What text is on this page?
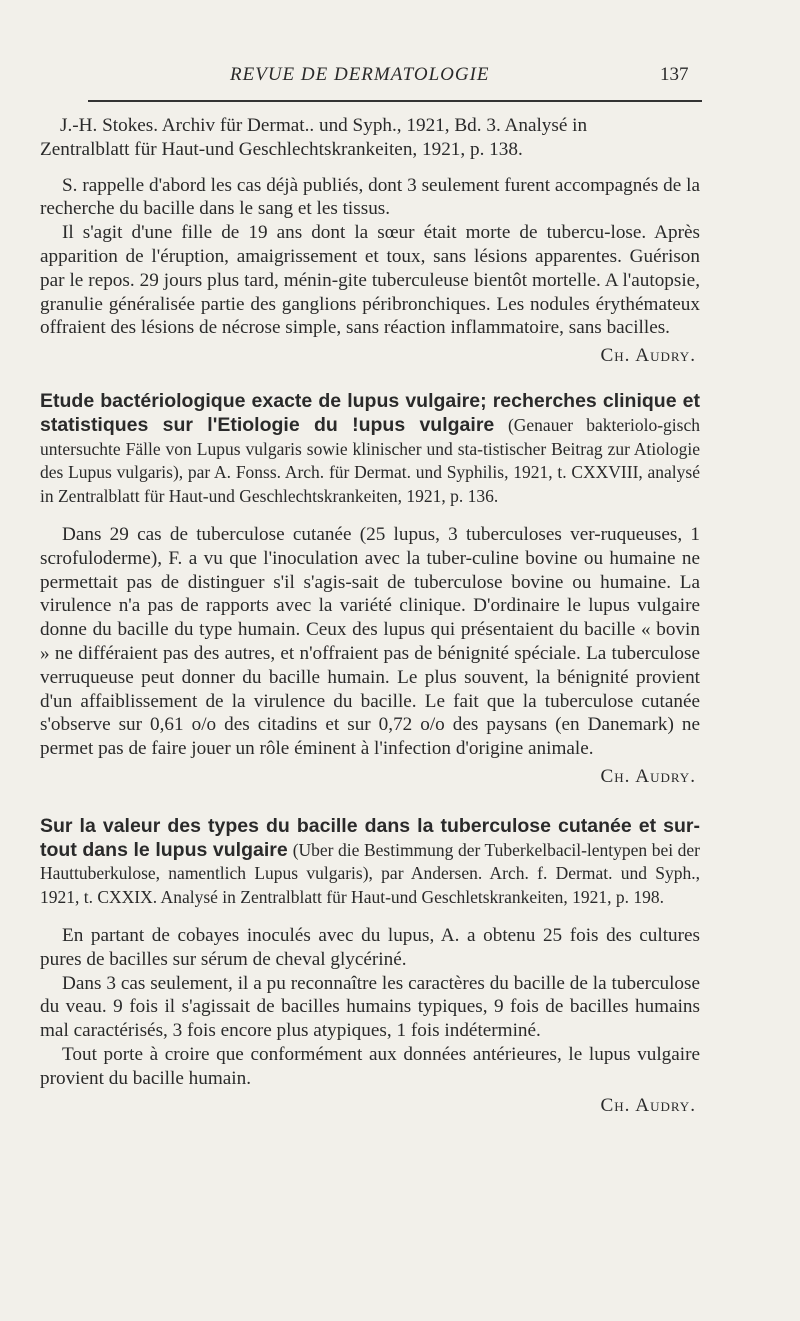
REVUE DE DERMATOLOGIE	137

J.-H. Stokes. Archiv für Dermat.. und Syph., 1921, Bd. 3. Analysé in

Zentralblatt für Haut-und Geschlechtskrankeiten, 1921, p. 138.

S. rappelle d'abord les cas déjà publiés, dont 3 seulement furent accompagnés de la recherche du bacille dans le sang et les tissus.

Il s'agit d'une fille de 19 ans dont la sœur était morte de tubercu-lose. Après apparition de l'éruption, amaigrissement et toux, sans lésions apparentes. Guérison par le repos. 29 jours plus tard, ménin-gite tuberculeuse bientôt mortelle. A l'autopsie, granulie généralisée partie des ganglions péribronchiques. Les nodules érythémateux offraient des lésions de nécrose simple, sans réaction inflammatoire, sans bacilles.

Ch. Audry.

Etude bactériologique exacte de lupus vulgaire; recherches clinique et statistiques sur l'Etiologie du !upus vulgaire (Genauer bakteriolo-gisch untersuchte Fälle von Lupus vulgaris sowie klinischer und sta-tistischer Beitrag zur Atiologie des Lupus vulgaris), par A. Fonss. Arch. für Dermat. und Syphilis, 1921, t. CXXVIII, analysé in Zentralblatt für Haut-und Geschlechtskrankeiten, 1921, p. 136.

Dans 29 cas de tuberculose cutanée (25 lupus, 3 tuberculoses ver-ruqueuses, 1 scrofuloderme), F. a vu que l'inoculation avec la tuber-culine bovine ou humaine ne permettait pas de distinguer s'il s'agis-sait de tuberculose bovine ou humaine. La virulence n'a pas de rapports avec la variété clinique. D'ordinaire le lupus vulgaire donne du bacille du type humain. Ceux des lupus qui présentaient du bacille « bovin » ne différaient pas des autres, et n'offraient pas de bénignité spéciale. La tuberculose verruqueuse peut donner du bacille humain. Le plus souvent, la bénignité provient d'un affaiblissement de la virulence du bacille. Le fait que la tuberculose cutanée s'observe sur 0,61 o/o des citadins et sur 0,72 o/o des paysans (en Danemark) ne permet pas de faire jouer un rôle éminent à l'infection d'origine animale.

Ch. Audry.

Sur la valeur des types du bacille dans la tuberculose cutanée et sur-tout dans le lupus vulgaire (Uber die Bestimmung der Tuberkelbacil-lentypen bei der Hauttuberkulose, namentlich Lupus vulgaris), par Andersen. Arch. f. Dermat. und Syph., 1921, t. CXXIX. Analysé in Zentralblatt für Haut-und Geschletskrankeiten, 1921, p. 198.

En partant de cobayes inoculés avec du lupus, A. a obtenu 25 fois des cultures pures de bacilles sur sérum de cheval glycériné.

Dans 3 cas seulement, il a pu reconnaître les caractères du bacille de la tuberculose du veau. 9 fois il s'agissait de bacilles humains typiques, 9 fois de bacilles humains mal caractérisés, 3 fois encore plus atypiques, 1 fois indéterminé.

Tout porte à croire que conformément aux données antérieures, le lupus vulgaire provient du bacille humain.

Ch. Audry.
